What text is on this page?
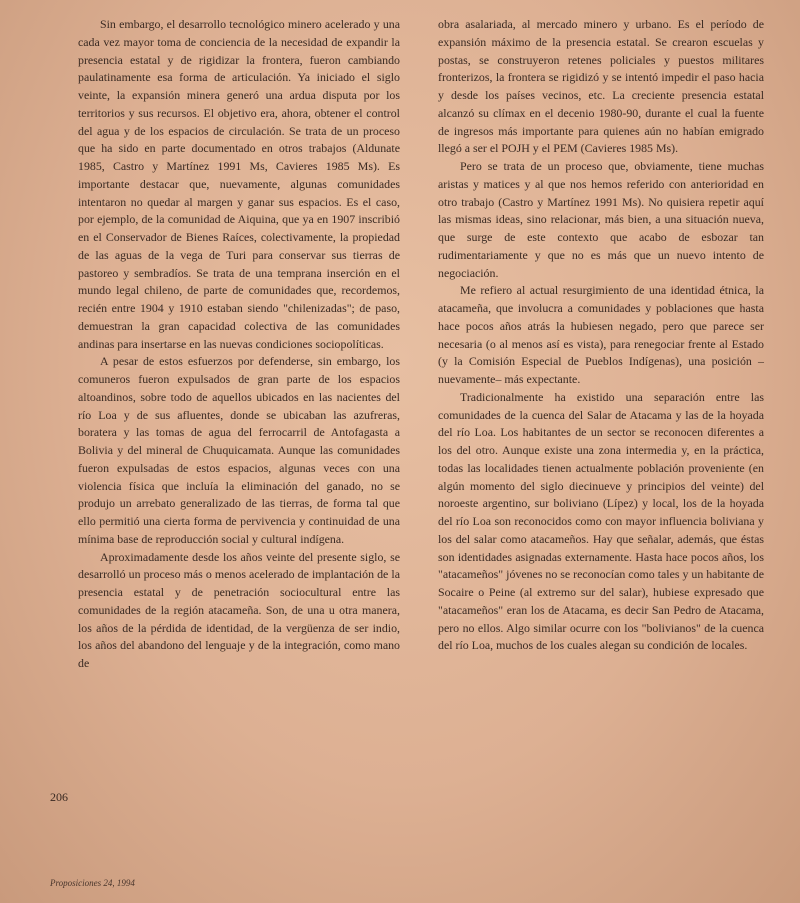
Sin embargo, el desarrollo tecnológico minero acelerado y una cada vez mayor toma de conciencia de la necesidad de expandir la presencia estatal y de rigidizar la frontera, fueron cambiando paulatinamente esa forma de articulación. Ya iniciado el siglo veinte, la expansión minera generó una ardua disputa por los territorios y sus recursos. El objetivo era, ahora, obtener el control del agua y de los espacios de circulación. Se trata de un proceso que ha sido en parte documentado en otros trabajos (Aldunate 1985, Castro y Martínez 1991 Ms, Cavieres 1985 Ms). Es importante destacar que, nuevamente, algunas comunidades intentaron no quedar al margen y ganar sus espacios. Es el caso, por ejemplo, de la comunidad de Aiquina, que ya en 1907 inscribió en el Conservador de Bienes Raíces, colectivamente, la propiedad de las aguas de la vega de Turi para conservar sus tierras de pastoreo y sembradíos. Se trata de una temprana inserción en el mundo legal chileno, de parte de comunidades que, recordemos, recién entre 1904 y 1910 estaban siendo "chilenizadas"; de paso, demuestran la gran capacidad colectiva de las comunidades andinas para insertarse en las nuevas condiciones sociopolíticas.

A pesar de estos esfuerzos por defenderse, sin embargo, los comuneros fueron expulsados de gran parte de los espacios altoandinos, sobre todo de aquellos ubicados en las nacientes del río Loa y de sus afluentes, donde se ubicaban las azufreras, boratera y las tomas de agua del ferrocarril de Antofagasta a Bolivia y del mineral de Chuquicamata. Aunque las comunidades fueron expulsadas de estos espacios, algunas veces con una violencia física que incluía la eliminación del ganado, no se produjo un arrebato generalizado de las tierras, de forma tal que ello permitió una cierta forma de pervivencia y continuidad de una mínima base de reproducción social y cultural indígena.

Aproximadamente desde los años veinte del presente siglo, se desarrolló un proceso más o menos acelerado de implantación de la presencia estatal y de penetración sociocultural entre las comunidades de la región atacameña. Son, de una u otra manera, los años de la pérdida de identidad, de la vergüenza de ser indio, los años del abandono del lenguaje y de la integración, como mano de

obra asalariada, al mercado minero y urbano. Es el período de expansión máximo de la presencia estatal. Se crearon escuelas y postas, se construyeron retenes policiales y puestos militares fronterizos, la frontera se rigidizó y se intentó impedir el paso hacia y desde los países vecinos, etc. La creciente presencia estatal alcanzó su clímax en el decenio 1980-90, durante el cual la fuente de ingresos más importante para quienes aún no habían emigrado llegó a ser el POJH y el PEM (Cavieres 1985 Ms).

Pero se trata de un proceso que, obviamente, tiene muchas aristas y matices y al que nos hemos referido con anterioridad en otro trabajo (Castro y Martínez 1991 Ms). No quisiera repetir aquí las mismas ideas, sino relacionar, más bien, a una situación nueva, que surge de este contexto que acabo de esbozar tan rudimentariamente y que no es más que un nuevo intento de negociación.

Me refiero al actual resurgimiento de una identidad étnica, la atacameña, que involucra a comunidades y poblaciones que hasta hace pocos años atrás la hubiesen negado, pero que parece ser necesaria (o al menos así es vista), para renegociar frente al Estado (y la Comisión Especial de Pueblos Indígenas), una posición –nuevamente– más expectante.

Tradicionalmente ha existido una separación entre las comunidades de la cuenca del Salar de Atacama y las de la hoyada del río Loa. Los habitantes de un sector se reconocen diferentes a los del otro. Aunque existe una zona intermedia y, en la práctica, todas las localidades tienen actualmente población proveniente (en algún momento del siglo diecinueve y principios del veinte) del noroeste argentino, sur boliviano (Lípez) y local, los de la hoyada del río Loa son reconocidos como con mayor influencia boliviana y los del salar como atacameños. Hay que señalar, además, que éstas son identidades asignadas externamente. Hasta hace pocos años, los "atacameños" jóvenes no se reconocían como tales y un habitante de Socaire o Peine (al extremo sur del salar), hubiese expresado que "atacameños" eran los de Atacama, es decir San Pedro de Atacama, pero no ellos. Algo similar ocurre con los "bolivianos" de la cuenca del río Loa, muchos de los cuales alegan su condición de locales.

206
Proposiciones 24, 1994
